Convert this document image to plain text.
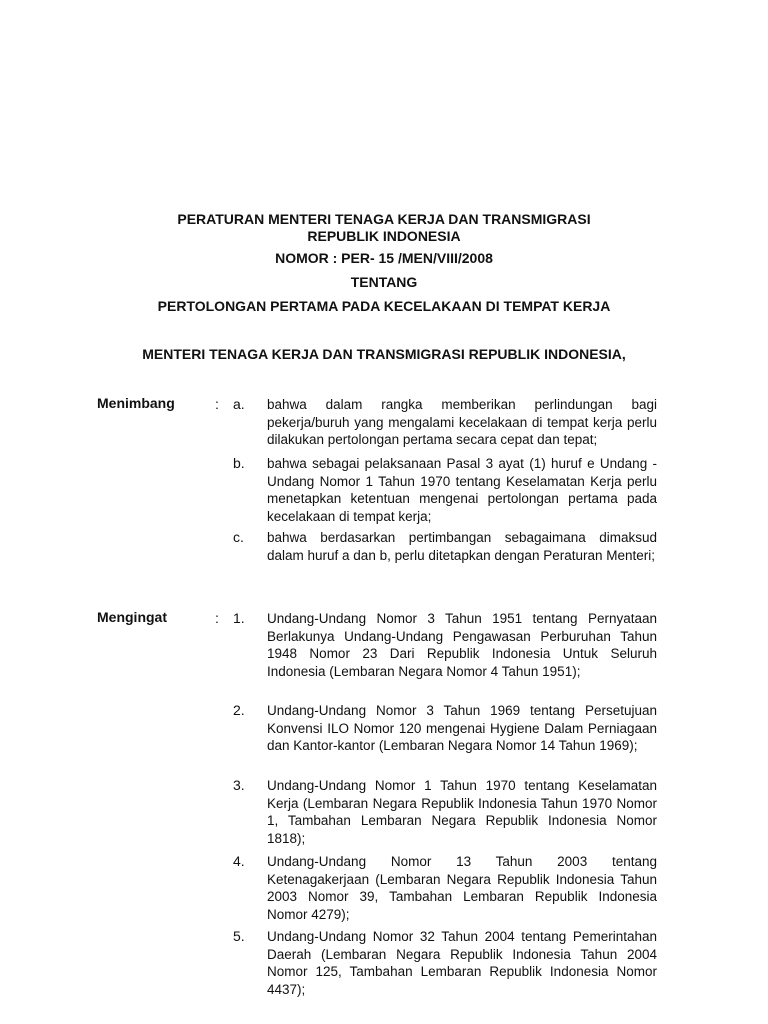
PERATURAN MENTERI TENAGA KERJA DAN TRANSMIGRASI
REPUBLIK INDONESIA
NOMOR : PER- 15 /MEN/VIII/2008
TENTANG
PERTOLONGAN PERTAMA PADA KECELAKAAN DI TEMPAT KERJA
MENTERI TENAGA KERJA DAN TRANSMIGRASI REPUBLIK INDONESIA,
Menimbang	: a. bahwa dalam rangka memberikan perlindungan bagi pekerja/buruh yang mengalami kecelakaan di tempat kerja perlu dilakukan pertolongan pertama secara cepat dan tepat;
b. bahwa sebagai pelaksanaan Pasal 3 ayat (1) huruf e Undang - Undang Nomor 1 Tahun 1970 tentang Keselamatan Kerja perlu menetapkan ketentuan mengenai pertolongan pertama pada kecelakaan di tempat kerja;
c. bahwa berdasarkan pertimbangan sebagaimana dimaksud dalam huruf a dan b, perlu ditetapkan dengan Peraturan Menteri;
Mengingat	: 1. Undang-Undang Nomor 3 Tahun 1951 tentang Pernyataan Berlakunya Undang-Undang Pengawasan Perburuhan Tahun 1948 Nomor 23 Dari Republik Indonesia Untuk Seluruh Indonesia (Lembaran Negara Nomor 4 Tahun 1951);
2. Undang-Undang Nomor 3 Tahun 1969 tentang Persetujuan Konvensi ILO Nomor 120 mengenai Hygiene Dalam Perniagaan dan Kantor-kantor (Lembaran Negara Nomor 14 Tahun 1969);
3. Undang-Undang Nomor 1 Tahun 1970 tentang Keselamatan Kerja (Lembaran Negara Republik Indonesia Tahun 1970 Nomor 1, Tambahan Lembaran Negara Republik Indonesia Nomor 1818);
4. Undang-Undang Nomor 13 Tahun 2003 tentang Ketenagakerjaan (Lembaran Negara Republik Indonesia Tahun 2003 Nomor 39, Tambahan Lembaran Republik Indonesia Nomor 4279);
5. Undang-Undang Nomor 32 Tahun 2004 tentang Pemerintahan Daerah (Lembaran Negara Republik Indonesia Tahun 2004 Nomor 125, Tambahan Lembaran Republik Indonesia Nomor 4437);
